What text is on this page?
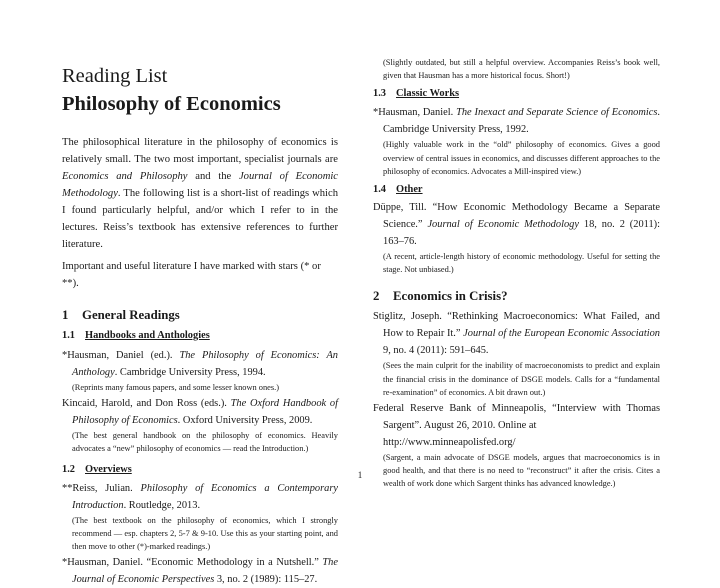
Reading List
Philosophy of Economics

The philosophical literature in the philosophy of economics is relatively small. The two most important, specialist journals are Economics and Philosophy and the Journal of Economic Methodology. The following list is a short-list of readings which I found particularly helpful, and/or which I refer to in the lectures. Reiss’s textbook has extensive references to further literature.

Important and useful literature I have marked with stars (* or **).

1 General Readings
1.1 Handbooks and Anthologies

*Hausman, Daniel (ed.). The Philosophy of Economics: An Anthology. Cambridge University Press, 1994.

(Reprints many famous papers, and some lesser known ones.)

Kincaid, Harold, and Don Ross (eds.). The Oxford Handbook of Philosophy of Economics. Oxford University Press, 2009.

(The best general handbook on the philosophy of economics. Heavily advocates a “new” philosophy of economics — read the Introduction.)

1.2 Overviews

**Reiss, Julian. Philosophy of Economics a Contemporary Introduction. Routledge, 2013.

(The best textbook on the philosophy of economics, which I strongly recommend — esp. chapters 2, 5-7 & 9-10. Use this as your starting point, and then move to other (*)-marked readings.)

*Hausman, Daniel. “Economic Methodology in a Nutshell.” The Journal of Economic Perspectives 3, no. 2 (1989): 115–27.

(Slightly outdated, but still a helpful overview. Accompanies Reiss’s book well, given that Hausman has a more historical focus. Short!)

1.3 Classic Works

*Hausman, Daniel. The Inexact and Separate Science of Economics. Cambridge University Press, 1992.

(Highly valuable work in the “old” philosophy of economics. Gives a good overview of central issues in economics, and discusses different approaches to the philosophy of economics. Advocates a Mill-inspired view.)

1.4 Other

Düppe, Till. “How Economic Methodology Became a Separate Science.” Journal of Economic Methodology 18, no. 2 (2011): 163–76.

(A recent, article-length history of economic methodology. Useful for setting the stage. Not unbiased.)

2 Economics in Crisis?

Stiglitz, Joseph. “Rethinking Macroeconomics: What Failed, and How to Repair It.” Journal of the European Economic Association 9, no. 4 (2011): 591–645.

(Sees the main culprit for the inability of macroeconomists to predict and explain the financial crisis in the dominance of DSGE models. Calls for a “fundamental re-examination” of economics. A bit drawn out.)

Federal Reserve Bank of Minneapolis, “Interview with Thomas Sargent”. August 26, 2010. Online at

http://www.minneapolisfed.org/

(Sargent, a main advocate of DSGE models, argues that macroeconomics is in good health, and that there is no need to “reconstruct” it after the crisis. Cites a wealth of work done which Sargent thinks has advanced knowledge.)

1
